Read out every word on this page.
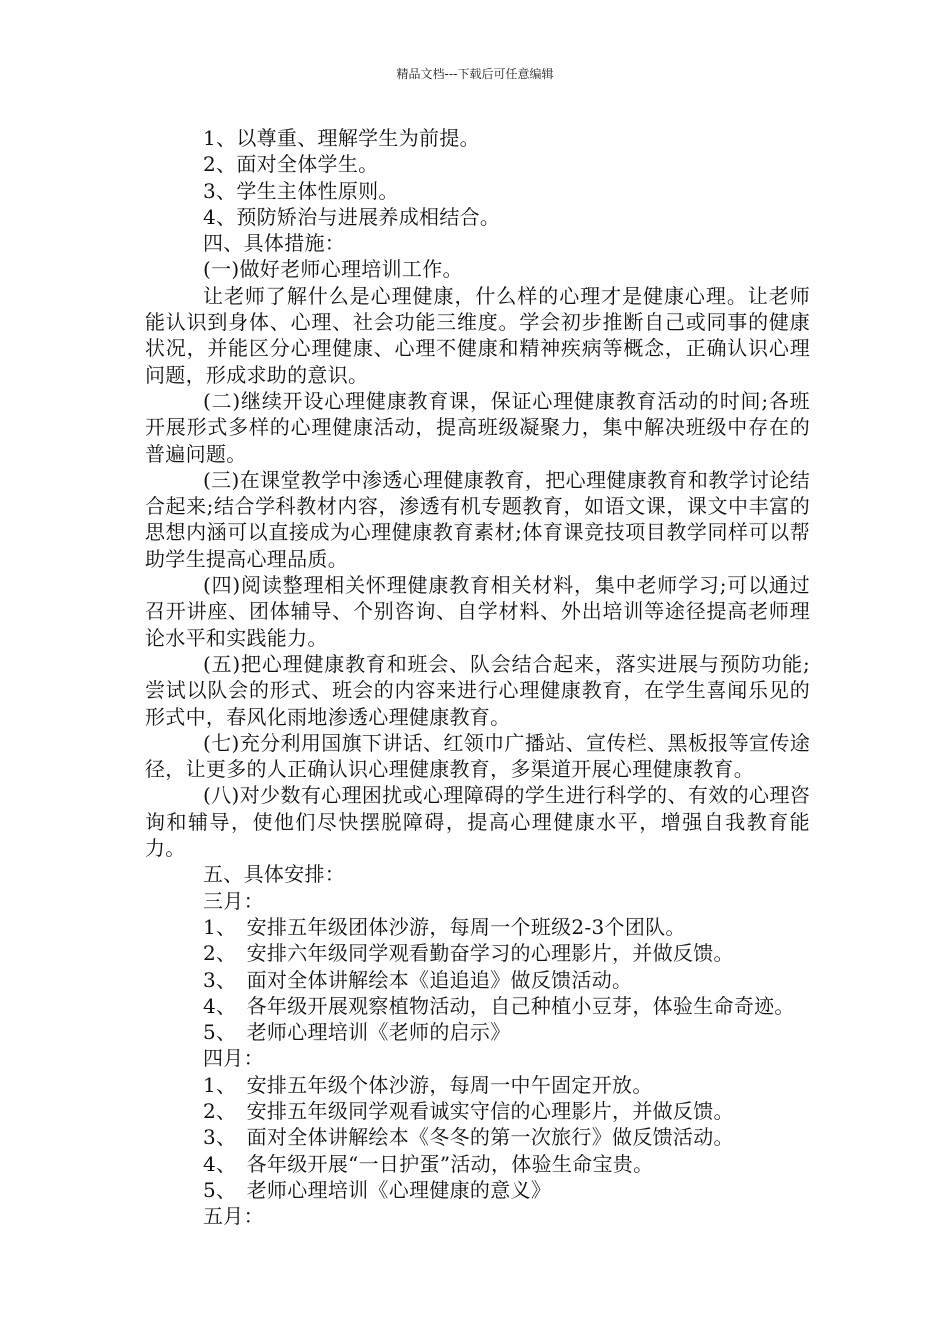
精品文档---下载后可任意编辑

1、以尊重、理解学生为前提。

2、面对全体学生。

3、学生主体性原则。

4、预防矫治与进展养成相结合。

四、具体措施：

(一)做好老师心理培训工作。

让老师了解什么是心理健康，什么样的心理才是健康心理。让老师能认识到身体、心理、社会功能三维度。学会初步推断自己或同事的健康状况，并能区分心理健康、心理不健康和精神疾病等概念，正确认识心理问题，形成求助的意识。

(二)继续开设心理健康教育课，保证心理健康教育活动的时间;各班开展形式多样的心理健康活动，提高班级凝聚力，集中解决班级中存在的普遍问题。

(三)在课堂教学中渗透心理健康教育，把心理健康教育和教学讨论结合起来;结合学科教材内容，渗透有机专题教育，如语文课，课文中丰富的思想内涵可以直接成为心理健康教育素材;体育课竞技项目教学同样可以帮助学生提高心理品质。

(四)阅读整理相关怀理健康教育相关材料，集中老师学习;可以通过召开讲座、团体辅导、个别咨询、自学材料、外出培训等途径提高老师理论水平和实践能力。

(五)把心理健康教育和班会、队会结合起来，落实进展与预防功能;尝试以队会的形式、班会的内容来进行心理健康教育，在学生喜闻乐见的形式中，春风化雨地渗透心理健康教育。

(七)充分利用国旗下讲话、红领巾广播站、宣传栏、黑板报等宣传途径，让更多的人正确认识心理健康教育，多渠道开展心理健康教育。

(八)对少数有心理困扰或心理障碍的学生进行科学的、有效的心理咨询和辅导，使他们尽快摆脱障碍，提高心理健康水平，增强自我教育能力。

五、具体安排：

三月：

1、　安排五年级团体沙游，每周一个班级2-3个团队。

2、　安排六年级同学观看勤奋学习的心理影片，并做反馈。

3、　面对全体讲解绘本《追追追》做反馈活动。

4、　各年级开展观察植物活动，自己种植小豆芽，体验生命奇迹。

5、　老师心理培训《老师的启示》

四月：

1、　安排五年级个体沙游，每周一中午固定开放。

2、　安排五年级同学观看诚实守信的心理影片，并做反馈。

3、　面对全体讲解绘本《冬冬的第一次旅行》做反馈活动。

4、　各年级开展“一日护蛋”活动，体验生命宝贵。

5、　老师心理培训《心理健康的意义》

五月：
